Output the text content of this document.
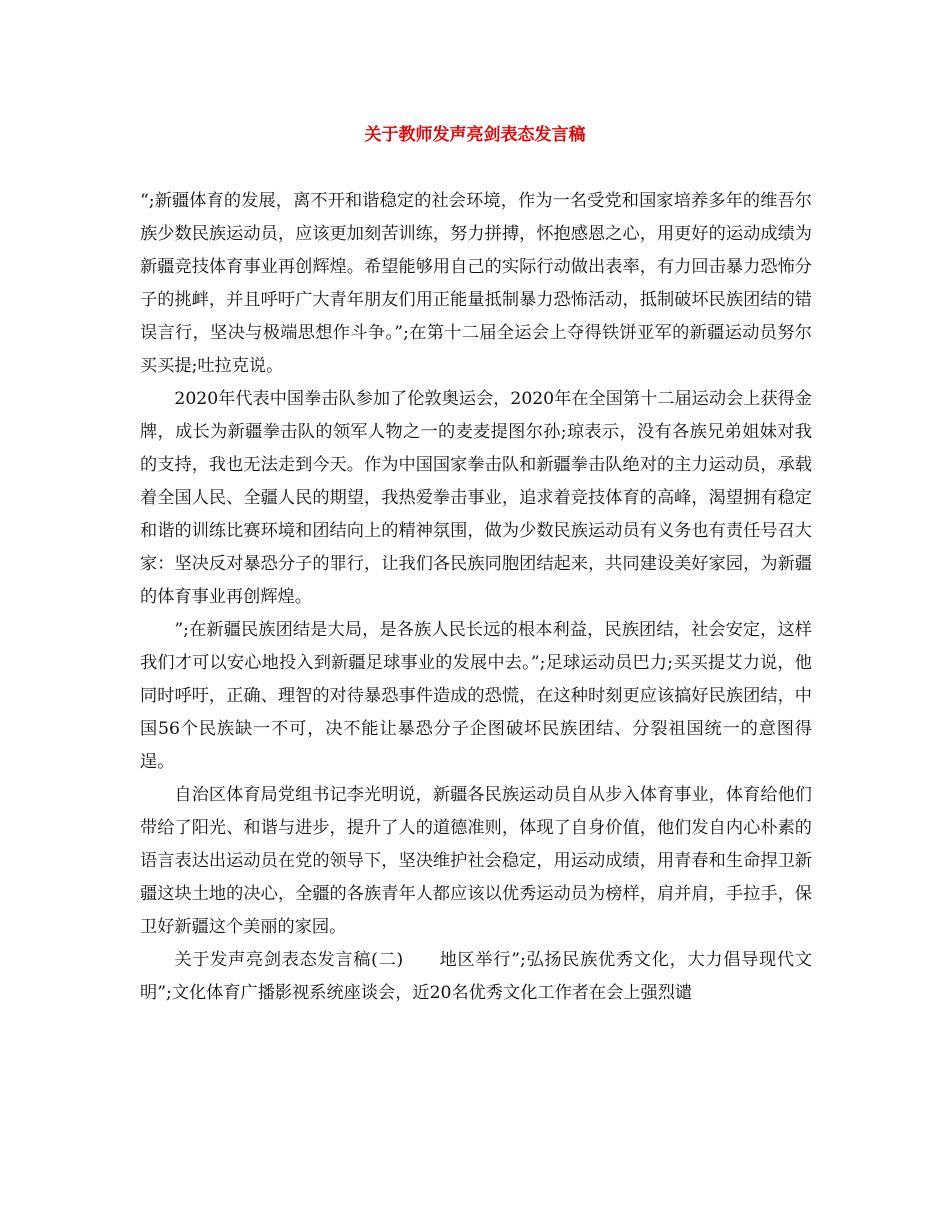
关于教师发声亮剑表态发言稿

“;新疆体育的发展，离不开和谐稳定的社会环境，作为一名受党和国家培养多年的维吾尔族少数民族运动员，应该更加刻苦训练，努力拼搏，怀抱感恩之心，用更好的运动成绩为新疆竞技体育事业再创辉煌。希望能够用自己的实际行动做出表率，有力回击暴力恐怖分子的挑衅，并且呼吁广大青年朋友们用正能量抵制暴力恐怖活动，抵制破坏民族团结的错误言行，坚决与极端思想作斗争。”;在第十二届全运会上夺得铁饼亚军的新疆运动员努尔买买提;吐拉克说。

2020年代表中国拳击队参加了伦敦奥运会，2020年在全国第十二届运动会上获得金牌，成长为新疆拳击队的领军人物之一的麦麦提图尔孙;琼表示，没有各族兄弟姐妹对我的支持，我也无法走到今天。作为中国国家拳击队和新疆拳击队绝对的主力运动员，承载着全国人民、全疆人民的期望，我热爱拳击事业，追求着竞技体育的高峰，渴望拥有稳定和谐的训练比赛环境和团结向上的精神氛围，做为少数民族运动员有义务也有责任号召大家：坚决反对暴恐分子的罪行，让我们各民族同胞团结起来，共同建设美好家园，为新疆的体育事业再创辉煌。

”;在新疆民族团结是大局，是各族人民长远的根本利益，民族团结，社会安定，这样我们才可以安心地投入到新疆足球事业的发展中去。”;足球运动员巴力;买买提艾力说，他同时呼吁，正确、理智的对待暴恐事件造成的恐慌，在这种时刻更应该搞好民族团结，中国56个民族缺一不可，决不能让暴恐分子企图破坏民族团结、分裂祖国统一的意图得逞。

自治区体育局党组书记李光明说，新疆各民族运动员自从步入体育事业，体育给他们带给了阳光、和谐与进步，提升了人的道德准则，体现了自身价值，他们发自内心朴素的语言表达出运动员在党的领导下，坚决维护社会稳定，用运动成绩，用青春和生命捍卫新疆这块土地的决心，全疆的各族青年人都应该以优秀运动员为榜样，肩并肩，手拉手，保卫好新疆这个美丽的家园。

关于发声亮剑表态发言稿(二)　　地区举行”;弘扬民族优秀文化，大力倡导现代文明”;文化体育广播影视系统座谈会，近20名优秀文化工作者在会上强烈谴
